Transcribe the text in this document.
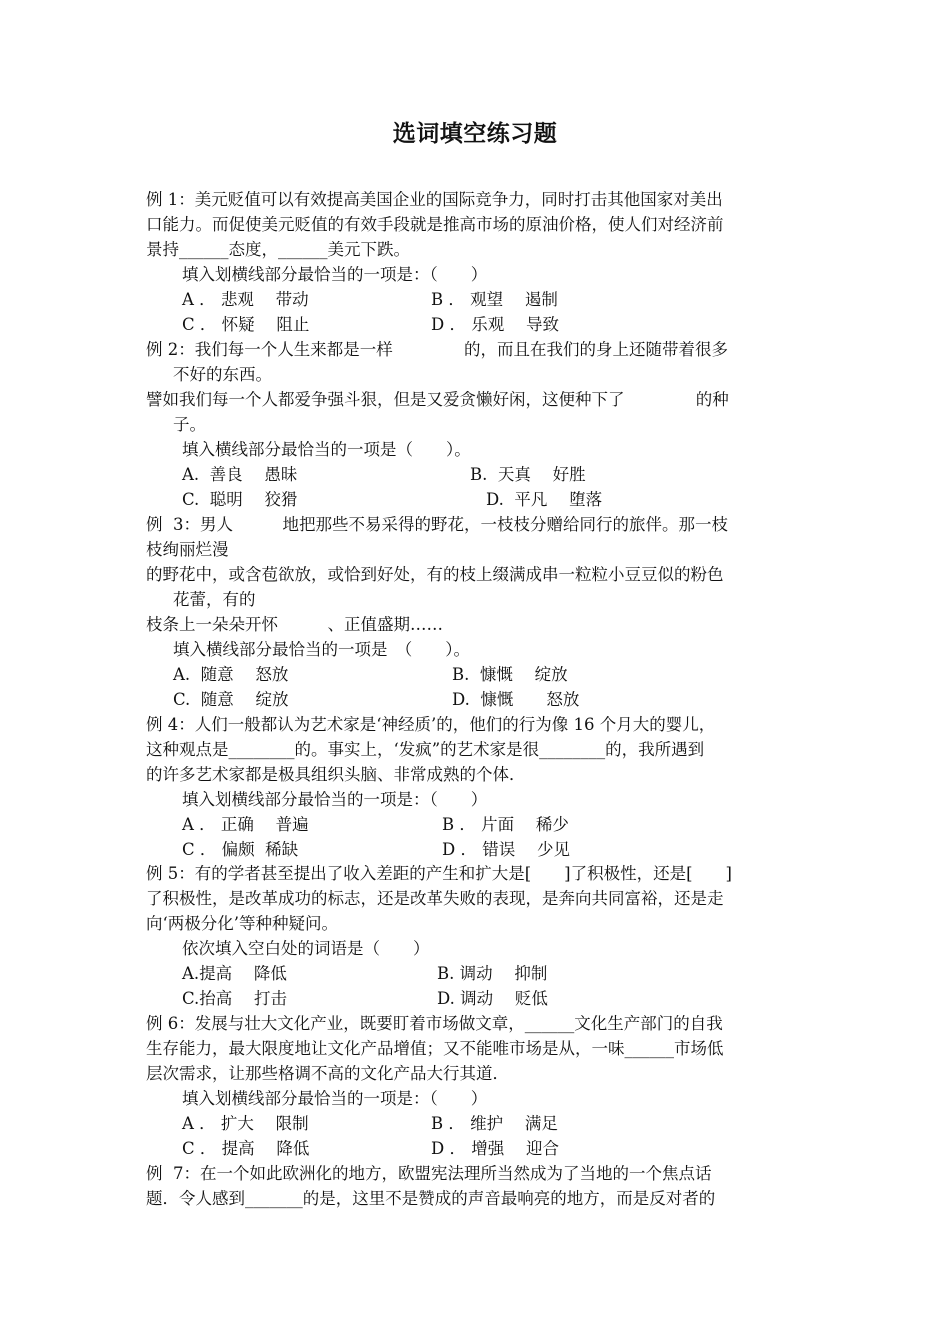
选词填空练习题
例 1：美元贬值可以有效提高美国企业的国际竞争力，同时打击其他国家对美出
口能力。而促使美元贬值的有效手段就是推高市场的原油价格，使人们对经济前
景持______态度，______美元下跌。
填入划横线部分最恰当的一项是：（　　）
A ． 悲观　 带动	B ． 观望　 遏制
C ． 怀疑　 阻止	D ． 乐观　 导致
例 2：我们每一个人生来都是一样　　　　 的，而且在我们的身上还随带着很多
不好的东西。
譬如我们每一个人都爱争强斗狠，但是又爱贪懒好闲，这便种下了　　　　 的种
子。
填入横线部分最恰当的一项是（　　）。
A.  善良　 愚昧	B.  天真　 好胜
C.  聪明　 狡猾	D.  平凡　 堕落
例  3：男人　　　地把那些不易采得的野花，一枝枝分赠给同行的旅伴。那一枝
枝绚丽烂漫
的野花中，或含苞欲放，或恰到好处，有的枝上缀满成串一粒粒小豆豆似的粉色
花蕾，有的
枝条上一朵朵开怀　　　、正值盛期……
填入横线部分最恰当的一项是　（　　）。
A.  随意　 怒放	B.  慷慨　 绽放
C.  随意　 绽放	D.  慷慨　　怒放
例 4：人们一般都认为艺术家是‘神经质’的，他们的行为像 16 个月大的婴儿，
这种观点是________的。事实上，‘发疯”的艺术家是很________的，我所遇到
的许多艺术家都是极具组织头脑、非常成熟的个体．
填入划横线部分最恰当的一项是：（　　）
A ． 正确　 普遍	B ． 片面　 稀少
C ． 偏颇  稀缺	D ． 错误　 少见
例 5：有的学者甚至提出了收入差距的产生和扩大是[　　]了积极性，还是[　　]
了积极性，是改革成功的标志，还是改革失败的表现，是奔向共同富裕，还是走
向‘两极分化’等种种疑问。
依次填入空白处的词语是（　　）
A.提高　 降低	B. 调动　 抑制
C.抬高　 打击	D. 调动　 贬低
例 6：发展与壮大文化产业，既要盯着市场做文章，______文化生产部门的自我
生存能力，最大限度地让文化产品增值；又不能唯市场是从，一味______市场低
层次需求，让那些格调不高的文化产品大行其道．
填入划横线部分最恰当的一项是：（　　）
A ． 扩大　 限制	B ． 维护　 满足
C ． 提高　 降低	D ． 增强　 迎合
例  7：在一个如此欧洲化的地方，欧盟宪法理所当然成为了当地的一个焦点话
题．令人感到_______的是，这里不是赞成的声音最响亮的地方，而是反对者的
